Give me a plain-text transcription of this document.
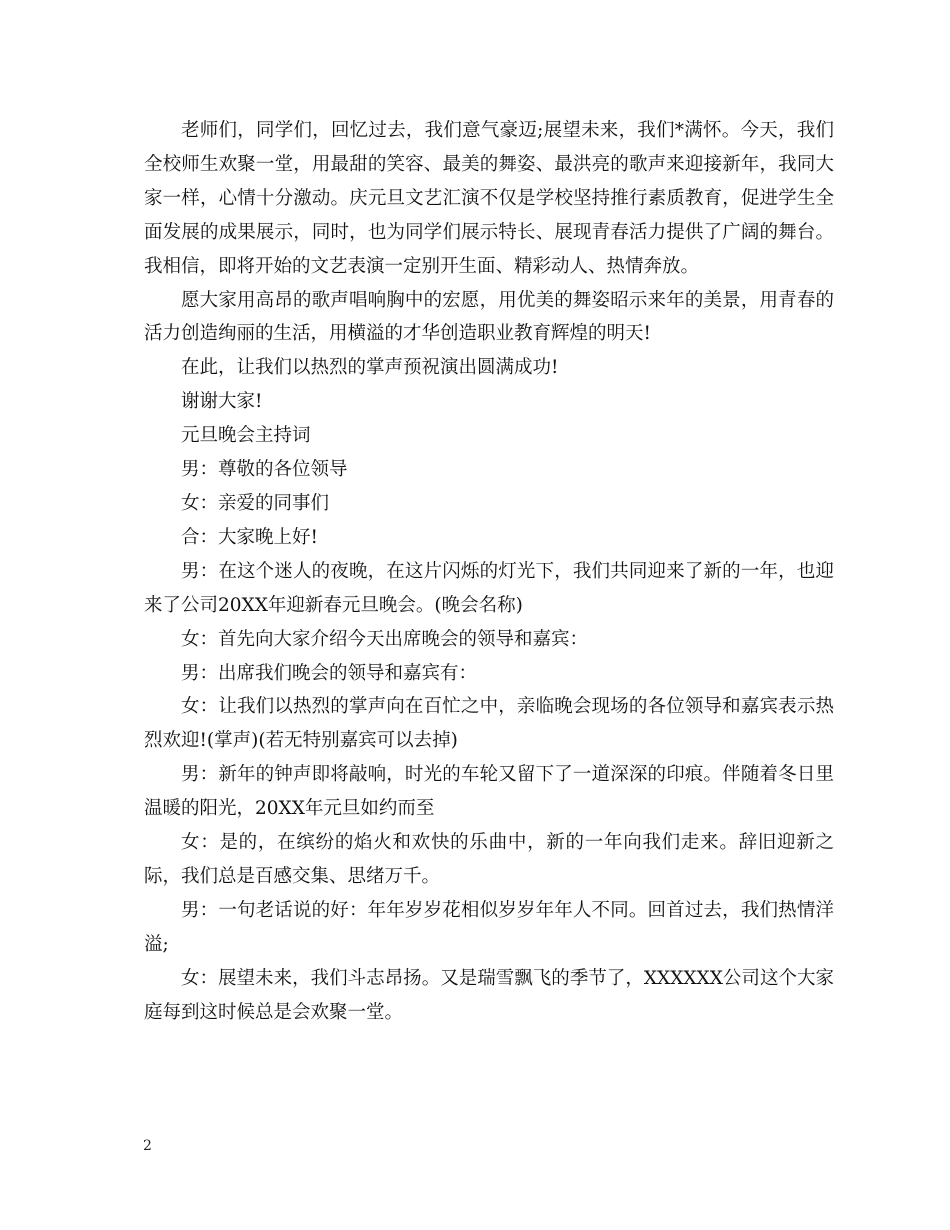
老师们，同学们，回忆过去，我们意气豪迈;展望未来，我们*满怀。今天，我们全校师生欢聚一堂，用最甜的笑容、最美的舞姿、最洪亮的歌声来迎接新年，我同大家一样，心情十分激动。庆元旦文艺汇演不仅是学校坚持推行素质教育，促进学生全面发展的成果展示，同时，也为同学们展示特长、展现青春活力提供了广阔的舞台。我相信，即将开始的文艺表演一定别开生面、精彩动人、热情奔放。

愿大家用高昂的歌声唱响胸中的宏愿，用优美的舞姿昭示来年的美景，用青春的活力创造绚丽的生活，用横溢的才华创造职业教育辉煌的明天!

在此，让我们以热烈的掌声预祝演出圆满成功!

谢谢大家!

元旦晚会主持词

男：尊敬的各位领导

女：亲爱的同事们

合：大家晚上好!

男：在这个迷人的夜晚，在这片闪烁的灯光下，我们共同迎来了新的一年，也迎来了公司20XX年迎新春元旦晚会。(晚会名称)

女：首先向大家介绍今天出席晚会的领导和嘉宾：

男：出席我们晚会的领导和嘉宾有：

女：让我们以热烈的掌声向在百忙之中，亲临晚会现场的各位领导和嘉宾表示热烈欢迎!(掌声)(若无特别嘉宾可以去掉)

男：新年的钟声即将敲响，时光的车轮又留下了一道深深的印痕。伴随着冬日里温暖的阳光，20XX年元旦如约而至

女：是的，在缤纷的焰火和欢快的乐曲中，新的一年向我们走来。辞旧迎新之际，我们总是百感交集、思绪万千。

男：一句老话说的好：年年岁岁花相似岁岁年年人不同。回首过去，我们热情洋溢;

女：展望未来，我们斗志昂扬。又是瑞雪飘飞的季节了，XXXXXX公司这个大家庭每到这时候总是会欢聚一堂。

2
